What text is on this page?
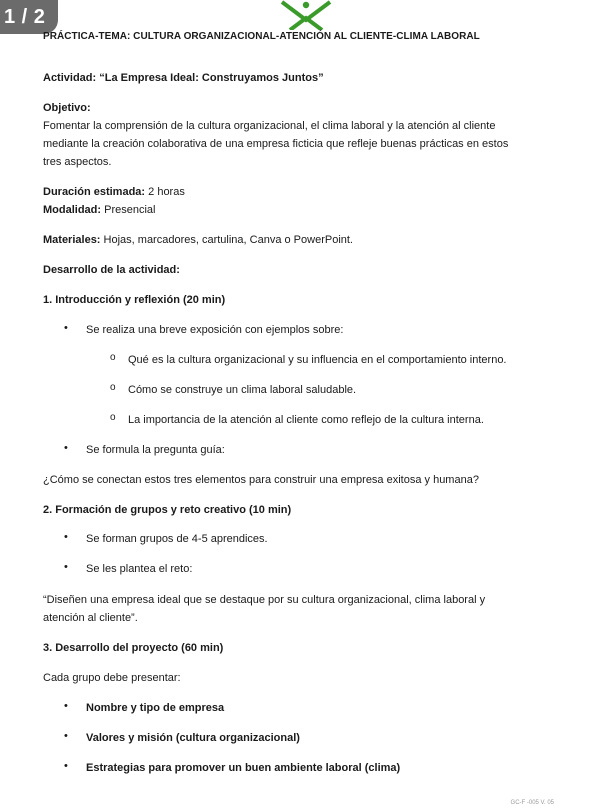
1 / 2
PRÁCTICA-TEMA: CULTURA ORGANIZACIONAL-ATENCIÓN AL CLIENTE-CLIMA LABORAL
Actividad: “La Empresa Ideal: Construyamos Juntos”
Objetivo:
Fomentar la comprensión de la cultura organizacional, el clima laboral y la atención al cliente
mediante la creación colaborativa de una empresa ficticia que refleje buenas prácticas en estos
tres aspectos.
Duración estimada: 2 horas
Modalidad: Presencial
Materiales: Hojas, marcadores, cartulina, Canva o PowerPoint.
Desarrollo de la actividad:
1. Introducción y reflexión (20 min)
• Se realiza una breve exposición con ejemplos sobre:
o Qué es la cultura organizacional y su influencia en el comportamiento interno.
o Cómo se construye un clima laboral saludable.
o La importancia de la atención al cliente como reflejo de la cultura interna.
• Se formula la pregunta guía:
¿Cómo se conectan estos tres elementos para construir una empresa exitosa y humana?
2. Formación de grupos y reto creativo (10 min)
• Se forman grupos de 4-5 aprendices.
• Se les plantea el reto:
“Diseñen una empresa ideal que se destaque por su cultura organizacional, clima laboral y
atención al cliente”.
3. Desarrollo del proyecto (60 min)
Cada grupo debe presentar:
• Nombre y tipo de empresa
• Valores y misión (cultura organizacional)
• Estrategias para promover un buen ambiente laboral (clima)
GC-F -005 V. 05
